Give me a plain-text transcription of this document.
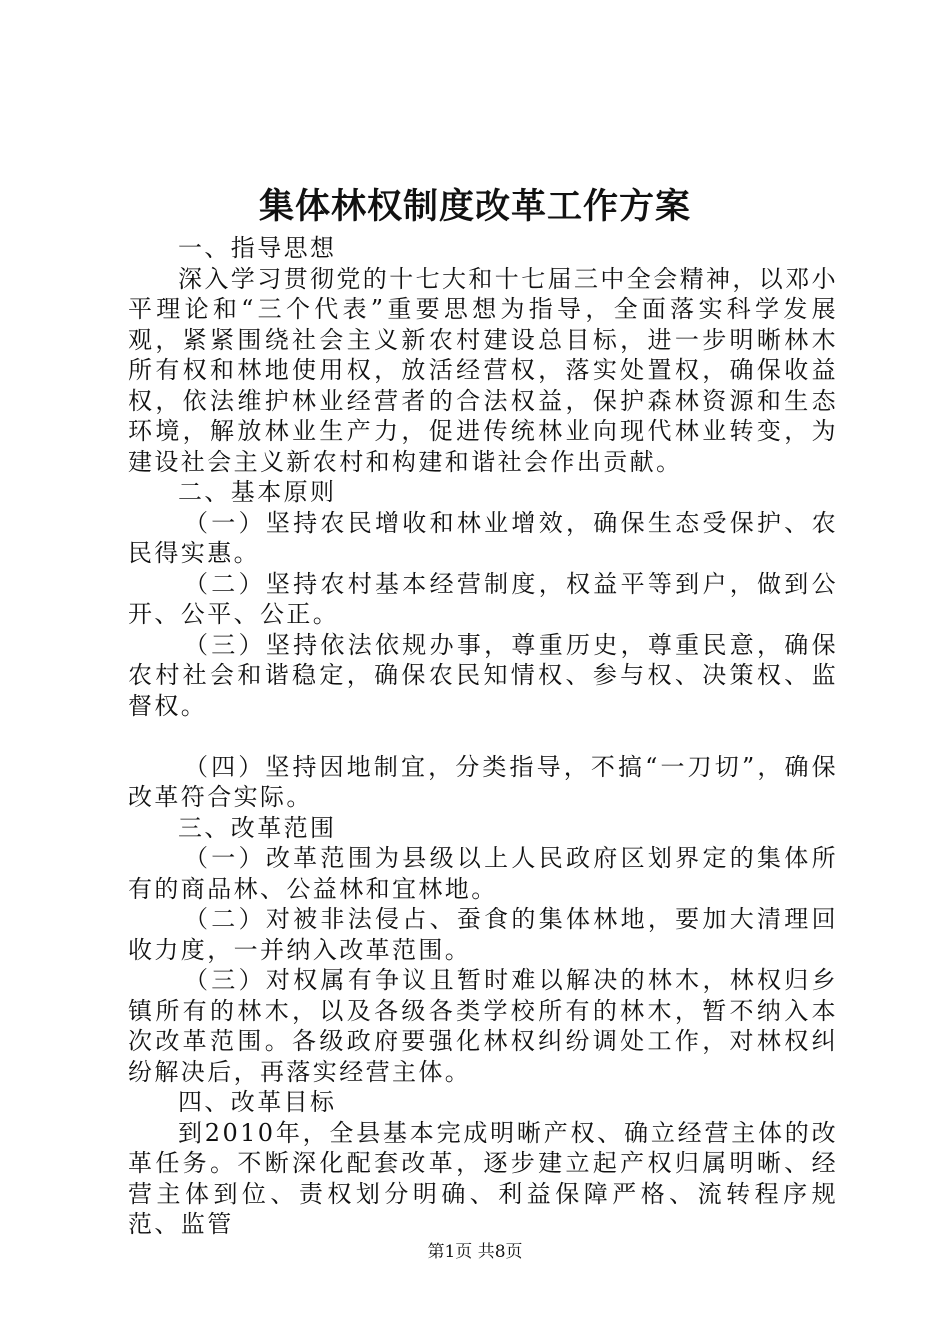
集体林权制度改革工作方案

一、指导思想

深入学习贯彻党的十七大和十七届三中全会精神，以邓小平理论和“三个代表”重要思想为指导，全面落实科学发展观，紧紧围绕社会主义新农村建设总目标，进一步明晰林木所有权和林地使用权，放活经营权，落实处置权，确保收益权，依法维护林业经营者的合法权益，保护森林资源和生态环境，解放林业生产力，促进传统林业向现代林业转变，为建设社会主义新农村和构建和谐社会作出贡献。

二、基本原则

（一）坚持农民增收和林业增效，确保生态受保护、农民得实惠。

（二）坚持农村基本经营制度，权益平等到户，做到公开、公平、公正。

（三）坚持依法依规办事，尊重历史，尊重民意，确保农村社会和谐稳定，确保农民知情权、参与权、决策权、监督权。

（四）坚持因地制宜，分类指导，不搞“一刀切”，确保改革符合实际。

三、改革范围

（一）改革范围为县级以上人民政府区划界定的集体所有的商品林、公益林和宜林地。

（二）对被非法侵占、蚕食的集体林地，要加大清理回收力度，一并纳入改革范围。

（三）对权属有争议且暂时难以解决的林木，林权归乡镇所有的林木，以及各级各类学校所有的林木，暂不纳入本次改革范围。各级政府要强化林权纠纷调处工作，对林权纠纷解决后，再落实经营主体。

四、改革目标

到2010年，全县基本完成明晰产权、确立经营主体的改革任务。不断深化配套改革，逐步建立起产权归属明晰、经营主体到位、责权划分明确、利益保障严格、流转程序规范、监管

第1页 共8页
